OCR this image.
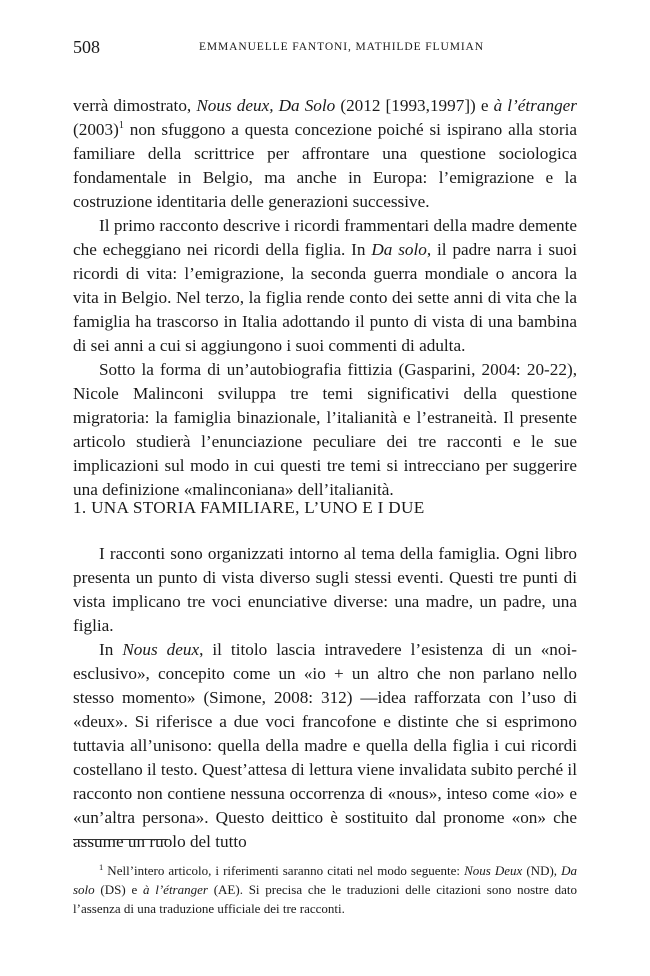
508	EMMANUELLE FANTONI, MATHILDE FLUMIAN

verrà dimostrato, Nous deux, Da Solo (2012 [1993,1997]) e à l’étranger $(2003)^1$ non sfuggono a questa concezione poiché si ispirano alla storia familiare della scrittrice per affrontare una questione sociologica fondamentale in Belgio, ma anche in Europa: l’emigrazione e la costruzione identitaria delle generazioni successive.

Il primo racconto descrive i ricordi frammentari della madre demente che echeggiano nei ricordi della figlia. In Da solo, il padre narra i suoi ricordi di vita: l’emigrazione, la seconda guerra mondiale o ancora la vita in Belgio. Nel terzo, la figlia rende conto dei sette anni di vita che la famiglia ha trascorso in Italia adottando il punto di vista di una bambina di sei anni a cui si aggiungono i suoi commenti di adulta.

Sotto la forma di un’autobiografia fittizia (Gasparini, 2004: 20-22), Nicole Malinconi sviluppa tre temi significativi della questione migratoria: la famiglia binazionale, l’italianità e l’estraneità. Il presente articolo studierà l’enunciazione peculiare dei tre racconti e le sue implicazioni sul modo in cui questi tre temi si intrecciano per suggerire una definizione «malinconiana» dell’italianità.

1. UNA STORIA FAMILIARE, L’UNO E I DUE

I racconti sono organizzati intorno al tema della famiglia. Ogni libro presenta un punto di vista diverso sugli stessi eventi. Questi tre punti di vista implicano tre voci enunciative diverse: una madre, un padre, una figlia.

In Nous deux, il titolo lascia intravedere l’esistenza di un «noi-esclusivo», concepito come un «io + un altro che non parlano nello stesso momento» (Simone, 2008: 312) —idea rafforzata con l’uso di «deux». Si riferisce a due voci francofone e distinte che si esprimono tuttavia all’unisono: quella della madre e quella della figlia i cui ricordi costellano il testo. Quest’attesa di lettura viene invalidata subito perché il racconto non contiene nessuna occorrenza di «nous», inteso come «io» e «un’altra persona». Questo deittico è sostituito dal pronome «on» che assume un ruolo del tutto

$^1$ Nell’intero articolo, i riferimenti saranno citati nel modo seguente: Nous Deux (ND), Da solo (DS) e à l’étranger (AE). Si precisa che le traduzioni delle citazioni sono nostre dato l’assenza di una traduzione ufficiale dei tre racconti.
